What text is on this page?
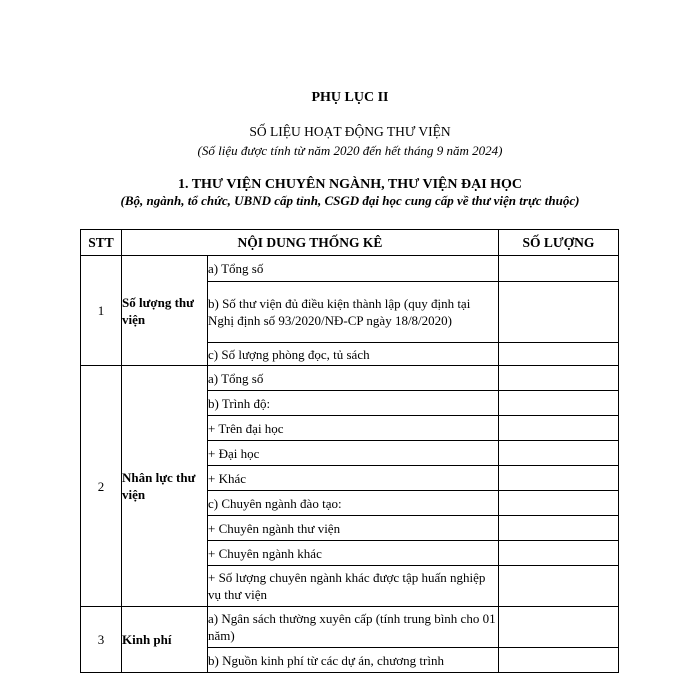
PHỤ LỤC II
SỐ LIỆU HOẠT ĐỘNG THƯ VIỆN
(Số liệu được tính từ năm 2020 đến hết tháng 9 năm 2024)
1. THƯ VIỆN CHUYÊN NGÀNH, THƯ VIỆN ĐẠI HỌC
(Bộ, ngành, tổ chức, UBND cấp tỉnh, CSGD đại học cung cấp về thư viện trực thuộc)
STT	NỘI DUNG THỐNG KÊ		SỐ LƯỢNG
1	Số lượng thư viện	a) Tổng số	
		b) Số thư viện đủ điều kiện thành lập (quy định tại Nghị định số 93/2020/NĐ-CP ngày 18/8/2020)	
		c) Số lượng phòng đọc, tủ sách	
2	Nhân lực thư viện	a) Tổng số	
		b) Trình độ:	
		+ Trên đại học	
		+ Đại học	
		+ Khác	
		c) Chuyên ngành đào tạo:	
		+ Chuyên ngành thư viện	
		+ Chuyên ngành khác	
		+ Số lượng chuyên ngành khác được tập huấn nghiệp vụ thư viện	
3	Kinh phí	a) Ngân sách thường xuyên cấp (tính trung bình cho 01 năm)	
		b) Nguồn kinh phí từ các dự án, chương trình	
